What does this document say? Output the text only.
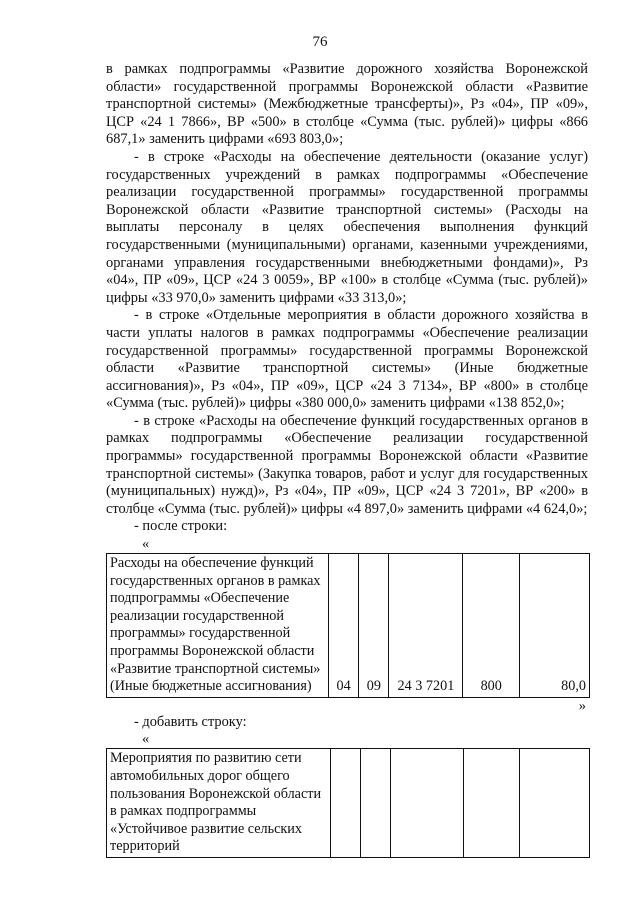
76

в рамках подпрограммы «Развитие дорожного хозяйства Воронежской области» государственной программы Воронежской области «Развитие транспортной системы» (Межбюджетные трансферты)», Рз «04», ПР «09», ЦСР «24 1 7866», ВР «500» в столбце «Сумма (тыс. рублей)» цифры «866 687,1» заменить цифрами «693 803,0»;

- в строке «Расходы на обеспечение деятельности (оказание услуг) государственных учреждений в рамках подпрограммы «Обеспечение реализации государственной программы» государственной программы Воронежской области «Развитие транспортной системы» (Расходы на выплаты персоналу в целях обеспечения выполнения функций государственными (муниципальными) органами, казенными учреждениями, органами управления государственными внебюджетными фондами)», Рз «04», ПР «09», ЦСР «24 3 0059», ВР «100» в столбце «Сумма (тыс. рублей)» цифры «33 970,0» заменить цифрами «33 313,0»;

- в строке «Отдельные мероприятия в области дорожного хозяйства в части уплаты налогов в рамках подпрограммы «Обеспечение реализации государственной программы» государственной программы Воронежской области «Развитие транспортной системы» (Иные бюджетные ассигнования)», Рз «04», ПР «09», ЦСР «24 3 7134», ВР «800» в столбце «Сумма (тыс. рублей)» цифры «380 000,0» заменить цифрами «138 852,0»;

- в строке «Расходы на обеспечение функций государственных органов в рамках подпрограммы «Обеспечение реализации государственной программы» государственной программы Воронежской области «Развитие транспортной системы» (Закупка товаров, работ и услуг для государственных (муниципальных) нужд)», Рз «04», ПР «09», ЦСР «24 3 7201», ВР «200» в столбце «Сумма (тыс. рублей)» цифры «4 897,0» заменить цифрами «4 624,0»;

- после строки:

«

Расходы на обеспечение функций государственных органов в рамках подпрограммы «Обеспечение реализации государственной программы» государственной программы Воронежской области «Развитие транспортной системы» (Иные бюджетные ассигнования)	04	09	24 3 7201	800	80,0

»

- добавить строку:

«

Мероприятия по развитию сети автомобильных дорог общего пользования Воронежской области в рамках подпрограммы «Устойчивое развитие сельских территорий					
